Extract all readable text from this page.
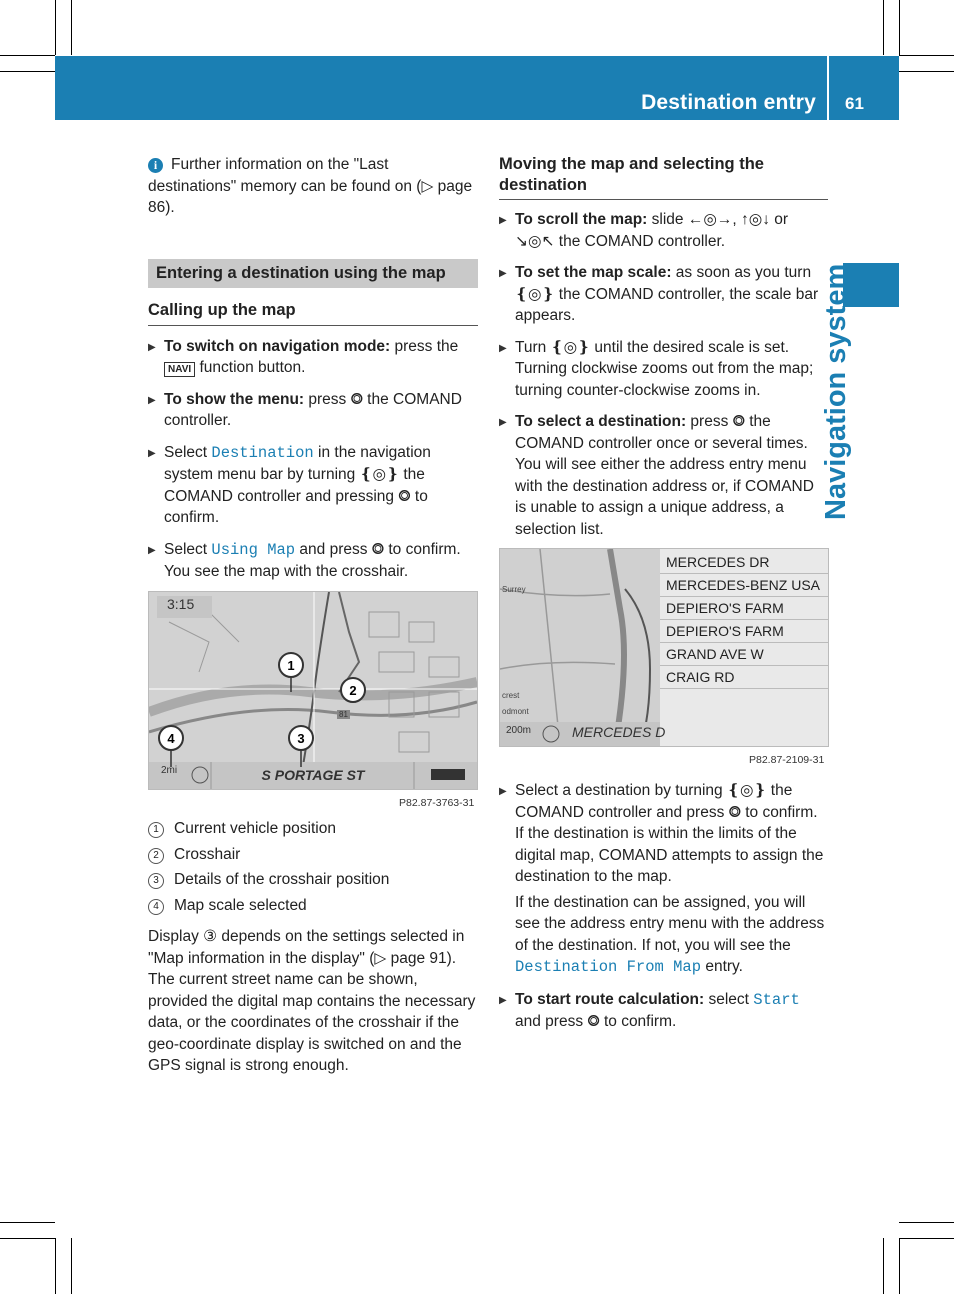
Destination entry 61
Navigation system

i Further information on the "Last destinations" memory can be found on (▷ page 86).

Entering a destination using the map
Calling up the map

▶ To switch on navigation mode: press the NAVI function button.

▶ To show the menu: press ⭗ the COMAND controller.

▶ Select Destination in the navigation system menu bar by turning ❴◎❵ the COMAND controller and pressing ⭗ to confirm.

▶ Select Using Map and press ⭗ to confirm.
You see the map with the crosshair.

1
2
3
4
3:15
S PORTAGE ST
2mi
81
P82.87-3763-31

1 Current vehicle position

2 Crosshair

3 Details of the crosshair position

4 Map scale selected

Display ③ depends on the settings selected in "Map information in the display" (▷ page 91). The current street name can be shown, provided the digital map contains the necessary data, or the coordinates of the crosshair if the geo-coordinate display is switched on and the GPS signal is strong enough.

Moving the map and selecting the destination

▶ To scroll the map: slide ←◎→, ↑◎↓ or ↘◎↖ the COMAND controller.

▶ To set the map scale: as soon as you turn ❴◎❵ the COMAND controller, the scale bar appears.

▶ Turn ❴◎❵ until the desired scale is set.
Turning clockwise zooms out from the map; turning counter-clockwise zooms in.

▶ To select a destination: press ⭗ the COMAND controller once or several times. You will see either the address entry menu with the destination address or, if COMAND is unable to assign a unique address, a selection list.

MERCEDES DR
MERCEDES-BENZ USA
DEPIERO'S FARM
DEPIERO'S FARM
GRAND AVE W
CRAIG RD
MERCEDES D
200m
Surrey
crest
odmont
P82.87-2109-31

▶ Select a destination by turning ❴◎❵ the COMAND controller and press ⭗ to confirm.
If the destination is within the limits of the digital map, COMAND attempts to assign the destination to the map.

If the destination can be assigned, you will see the address entry menu with the address of the destination. If not, you will see the Destination From Map entry.

▶ To start route calculation: select Start and press ⭗ to confirm.
